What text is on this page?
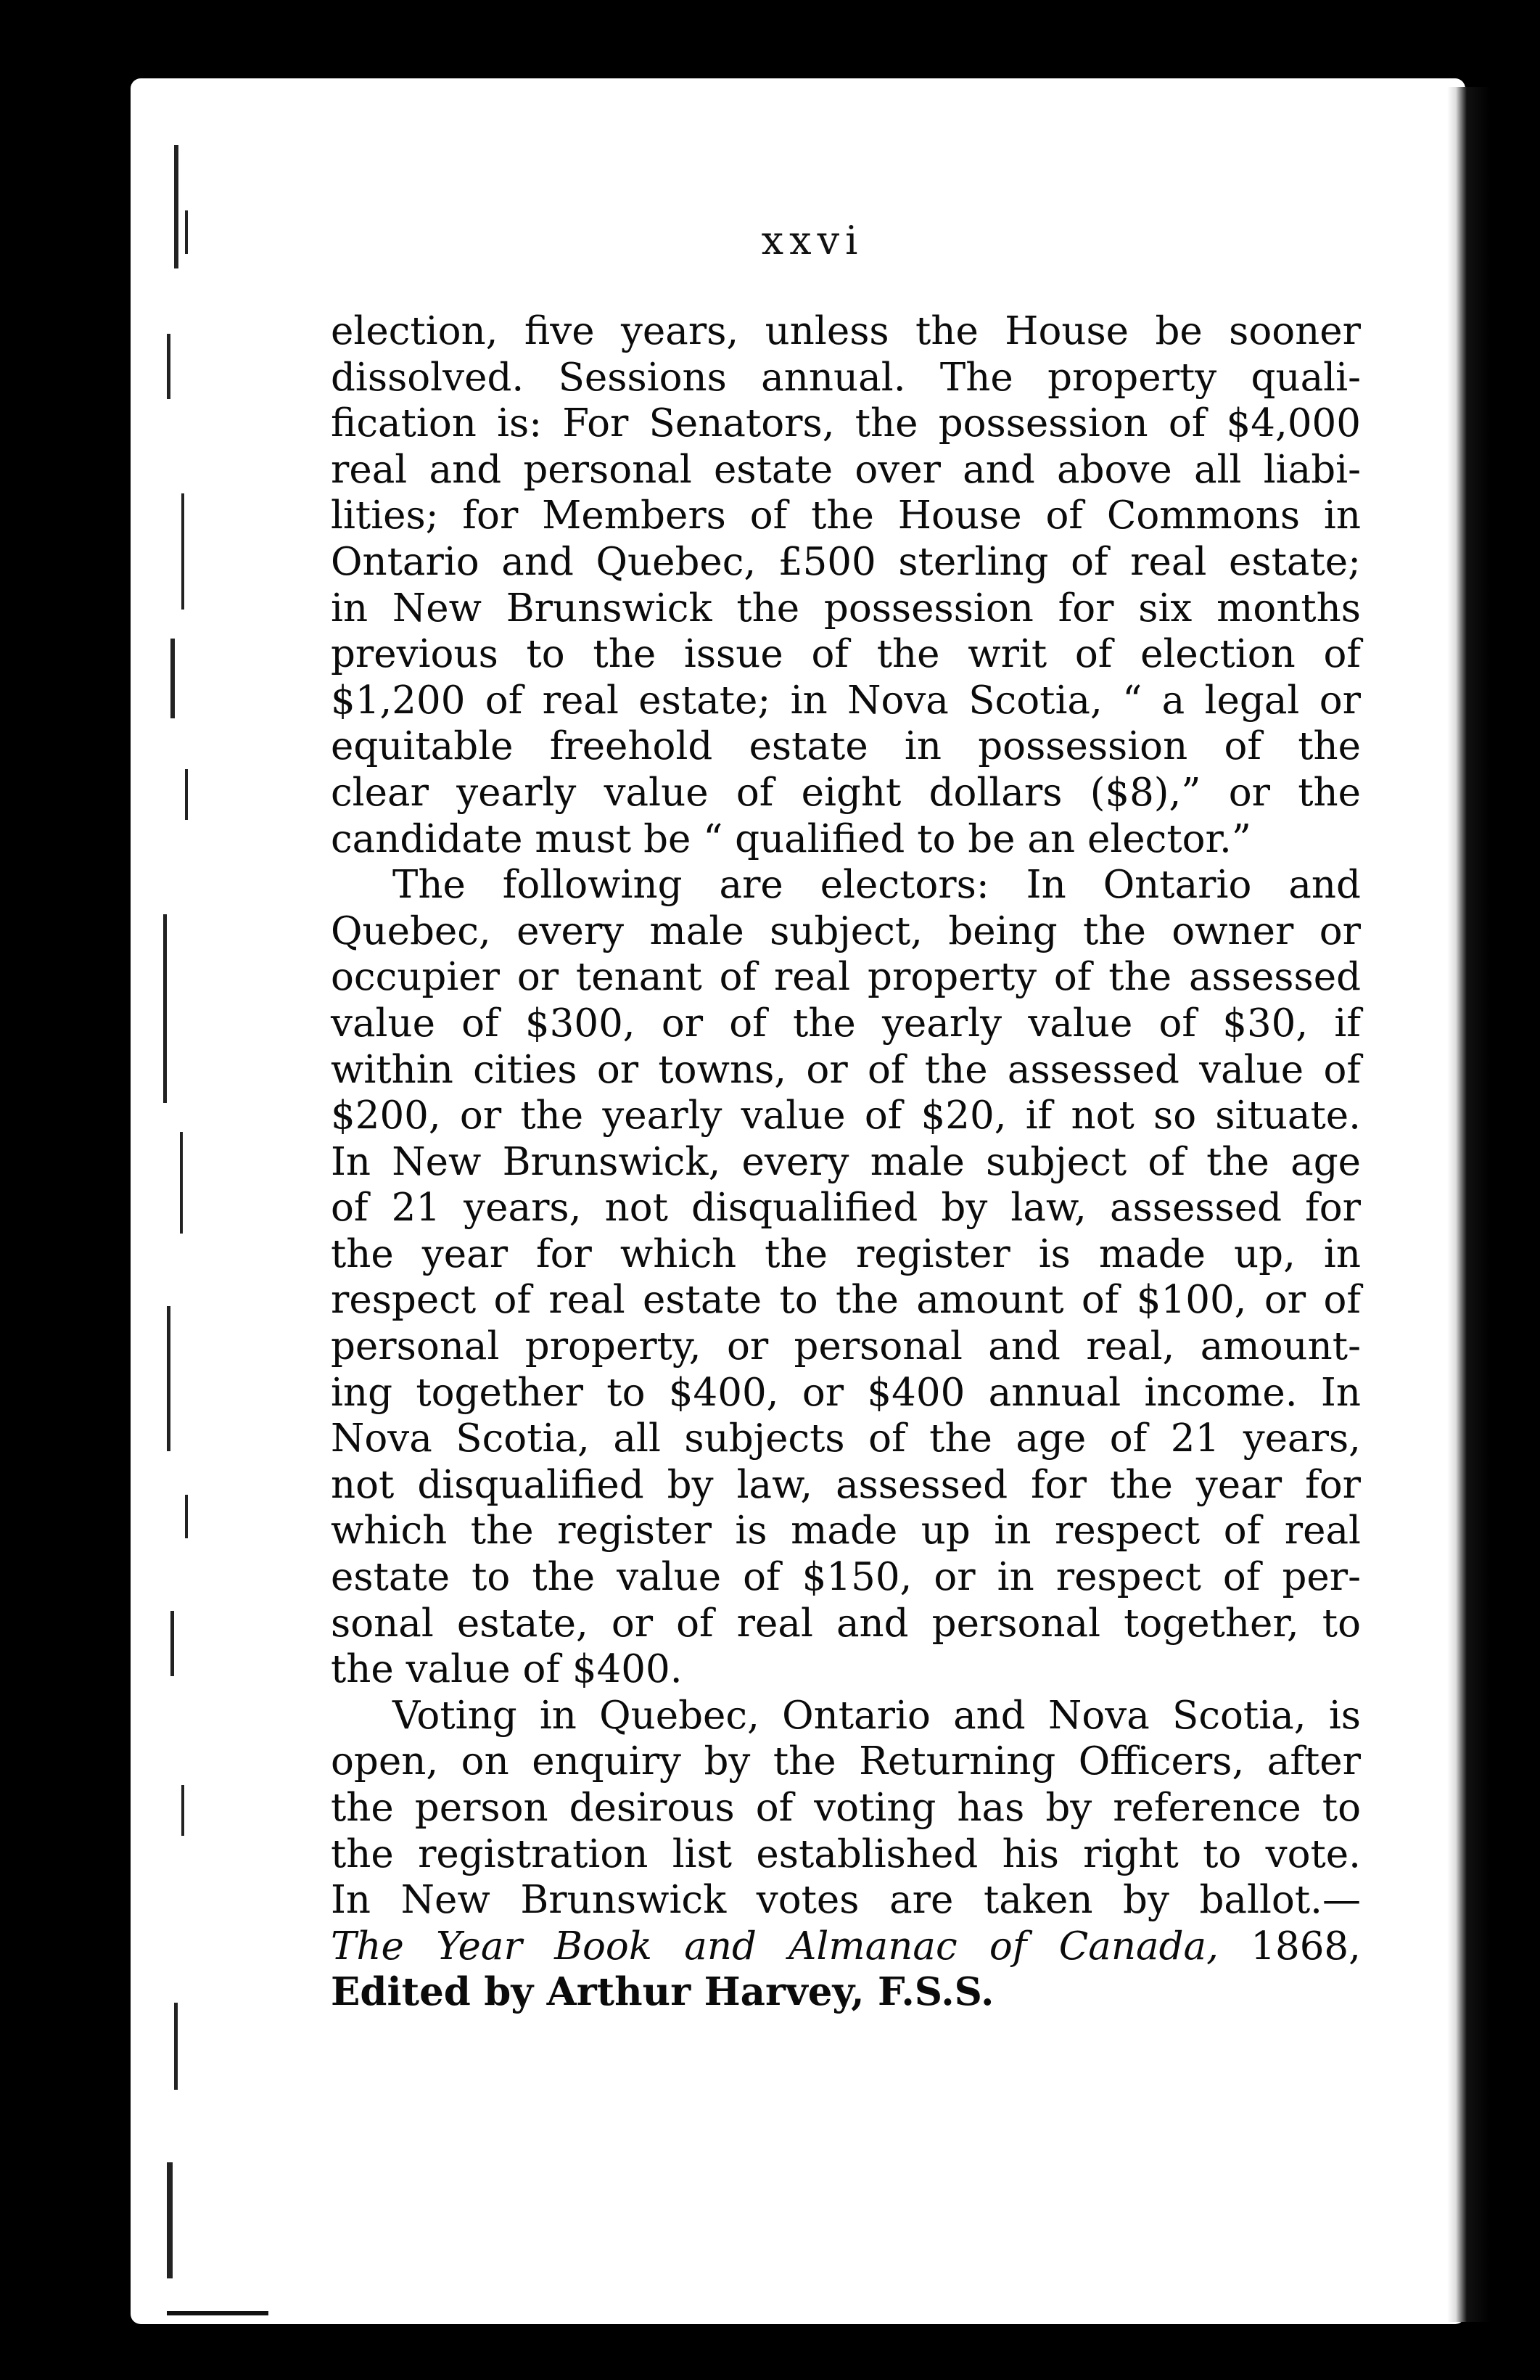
xxvi
election, five years, unless the House be sooner
dissolved. Sessions annual. The property quali-
fication is: For Senators, the possession of $4,000
real and personal estate over and above all liabi-
lities; for Members of the House of Commons in
Ontario and Quebec, £500 sterling of real estate;
in New Brunswick the possession for six months
previous to the issue of the writ of election of
$1,200 of real estate; in Nova Scotia, “ a legal or
equitable freehold estate in possession of the
clear yearly value of eight dollars ($8),” or the
candidate must be “ qualified to be an elector.”
The following are electors: In Ontario and
Quebec, every male subject, being the owner or
occupier or tenant of real property of the assessed
value of $300, or of the yearly value of $30, if
within cities or towns, or of the assessed value of
$200, or the yearly value of $20, if not so situate.
In New Brunswick, every male subject of the age
of 21 years, not disqualified by law, assessed for
the year for which the register is made up, in
respect of real estate to the amount of $100, or of
personal property, or personal and real, amount-
ing together to $400, or $400 annual income. In
Nova Scotia, all subjects of the age of 21 years,
not disqualified by law, assessed for the year for
which the register is made up in respect of real
estate to the value of $150, or in respect of per-
sonal estate, or of real and personal together, to
the value of $400.
Voting in Quebec, Ontario and Nova Scotia, is
open, on enquiry by the Returning Officers, after
the person desirous of voting has by reference to
the registration list established his right to vote.
In New Brunswick votes are taken by ballot.—
The Year Book and Almanac of Canada, 1868,
Edited by Arthur Harvey, F.S.S.
